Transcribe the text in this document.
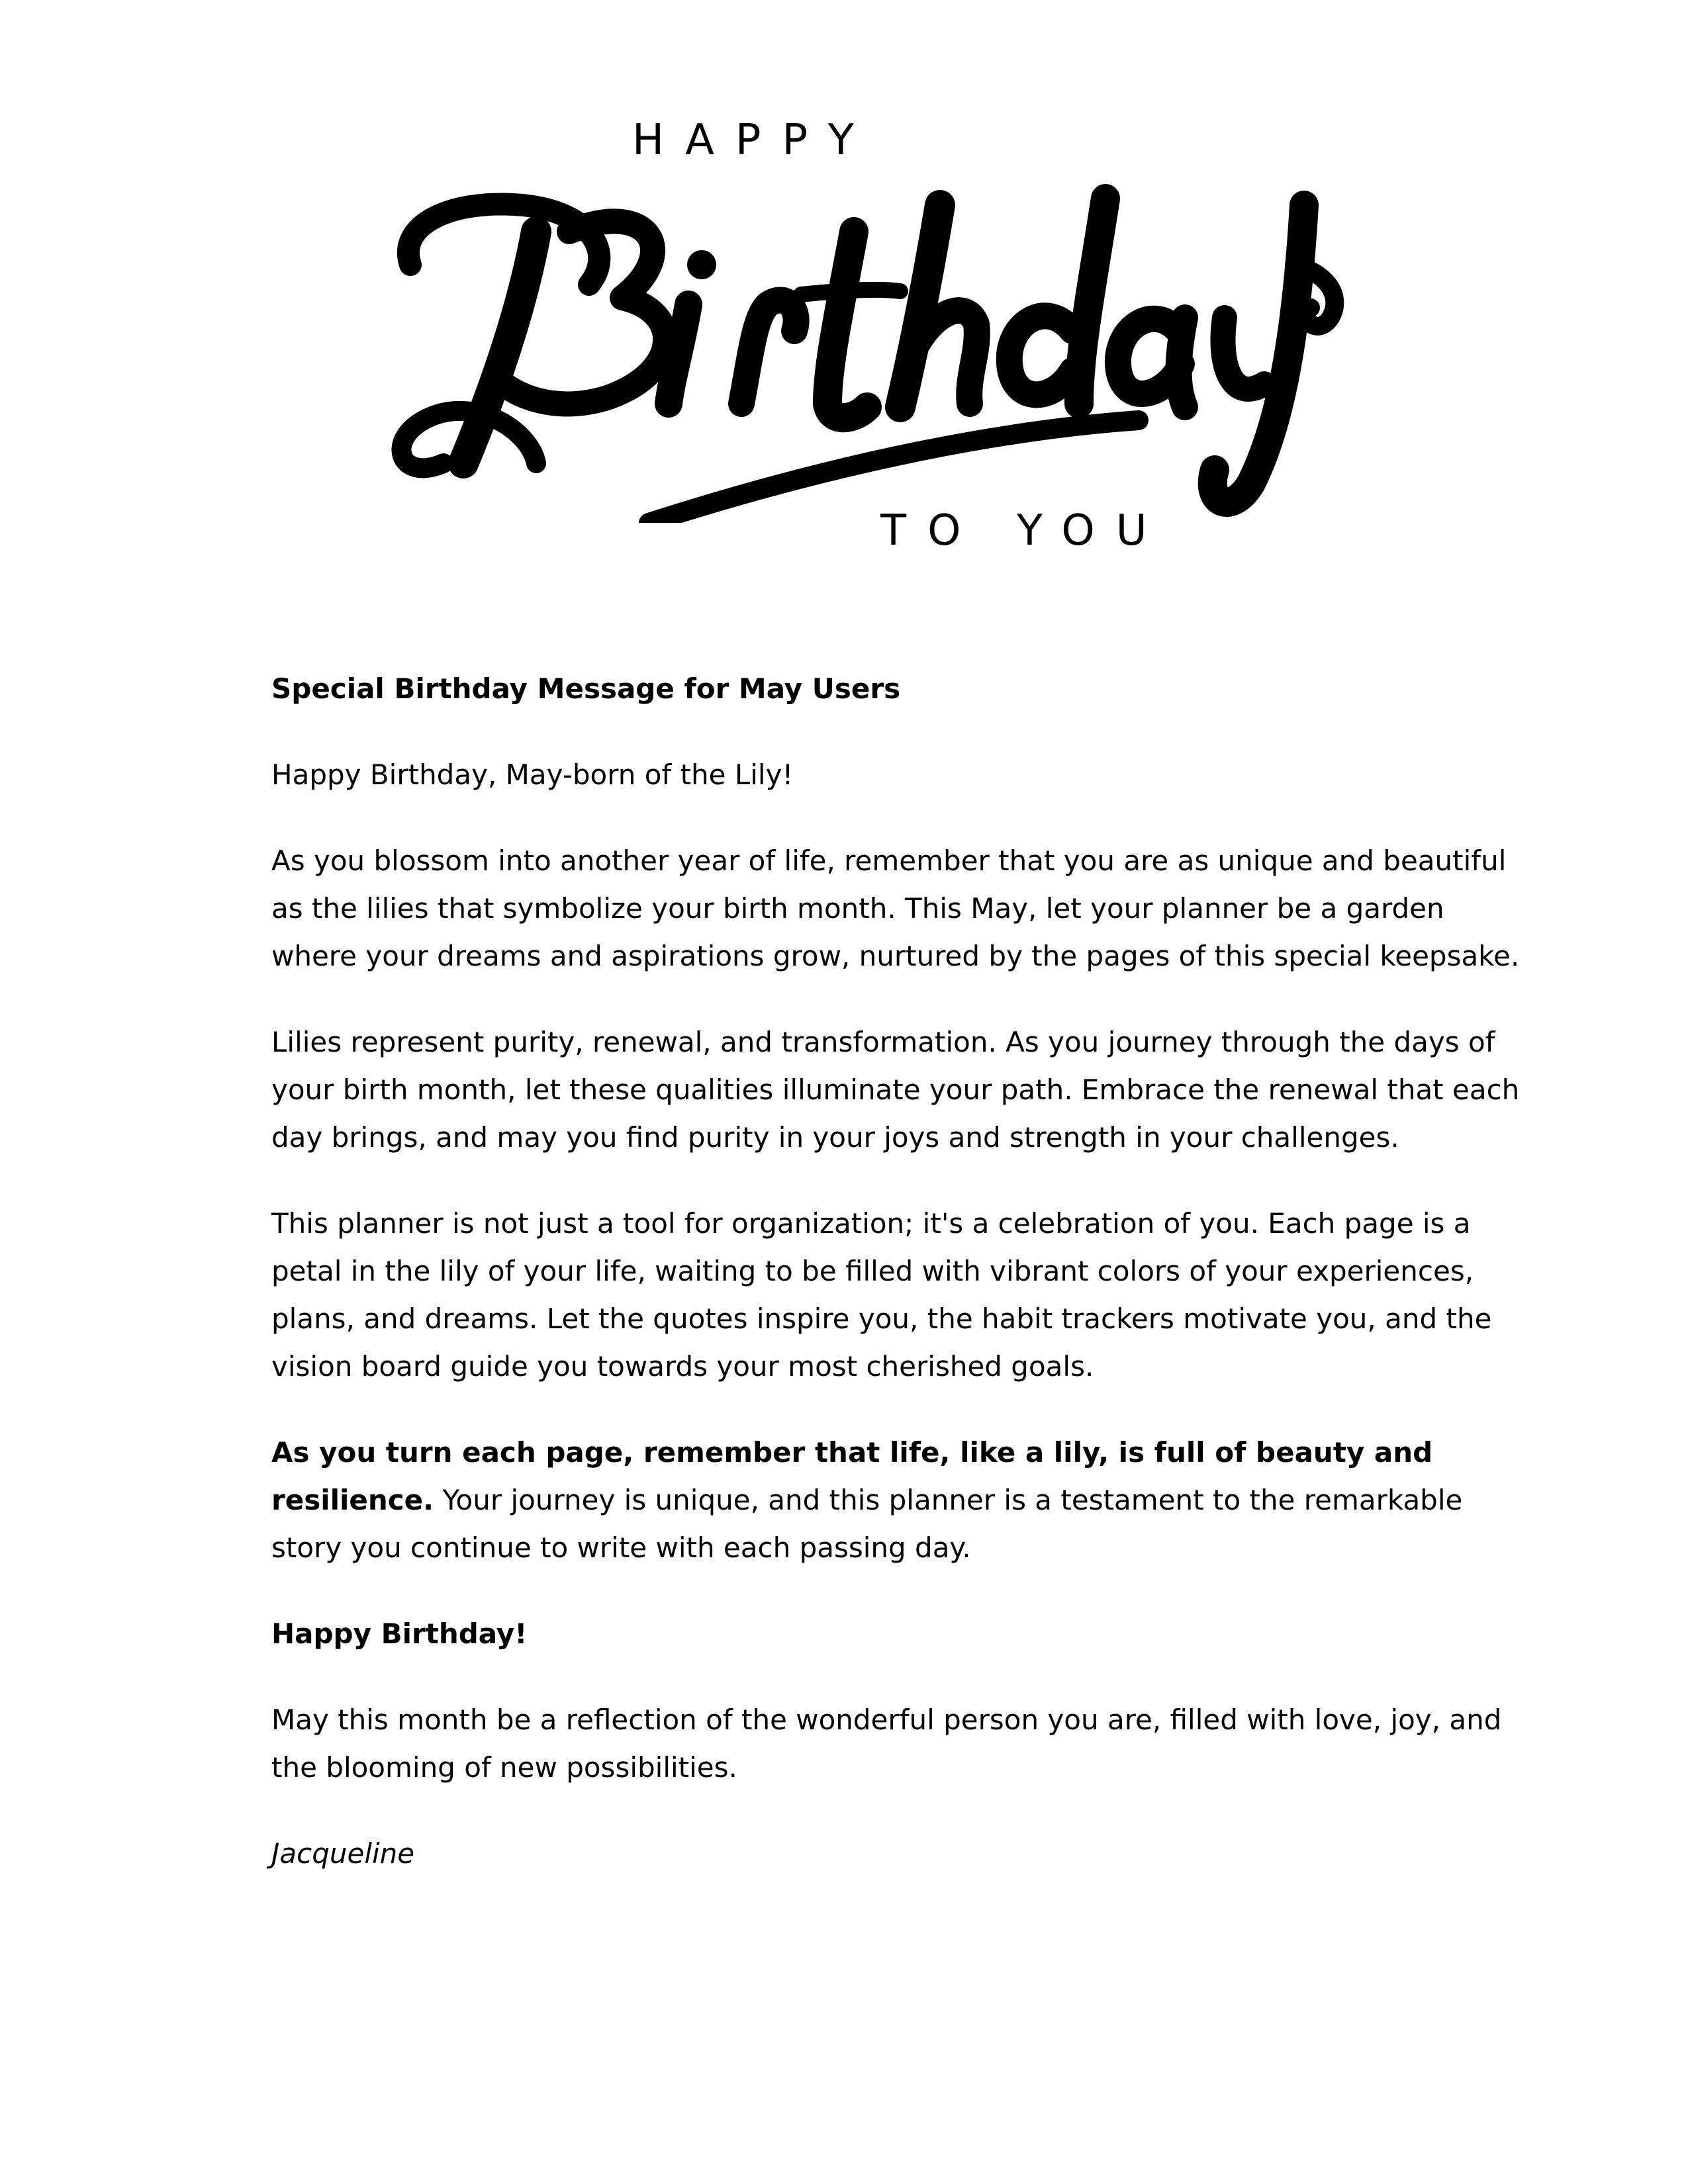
HAPPY
TO YOU

Special Birthday Message for May Users

Happy Birthday, May-born of the Lily!

As you blossom into another year of life, remember that you are as unique and beautiful as the lilies that symbolize your birth month. This May, let your planner be a garden where your dreams and aspirations grow, nurtured by the pages of this special keepsake.

Lilies represent purity, renewal, and transformation. As you journey through the days of your birth month, let these qualities illuminate your path. Embrace the renewal that each day brings, and may you find purity in your joys and strength in your challenges.

This planner is not just a tool for organization; it's a celebration of you. Each page is a petal in the lily of your life, waiting to be filled with vibrant colors of your experiences, plans, and dreams. Let the quotes inspire you, the habit trackers motivate you, and the vision board guide you towards your most cherished goals.

As you turn each page, remember that life, like a lily, is full of beauty and resilience. Your journey is unique, and this planner is a testament to the remarkable story you continue to write with each passing day.

Happy Birthday!

May this month be a reflection of the wonderful person you are, filled with love, joy, and the blooming of new possibilities.

Jacqueline
